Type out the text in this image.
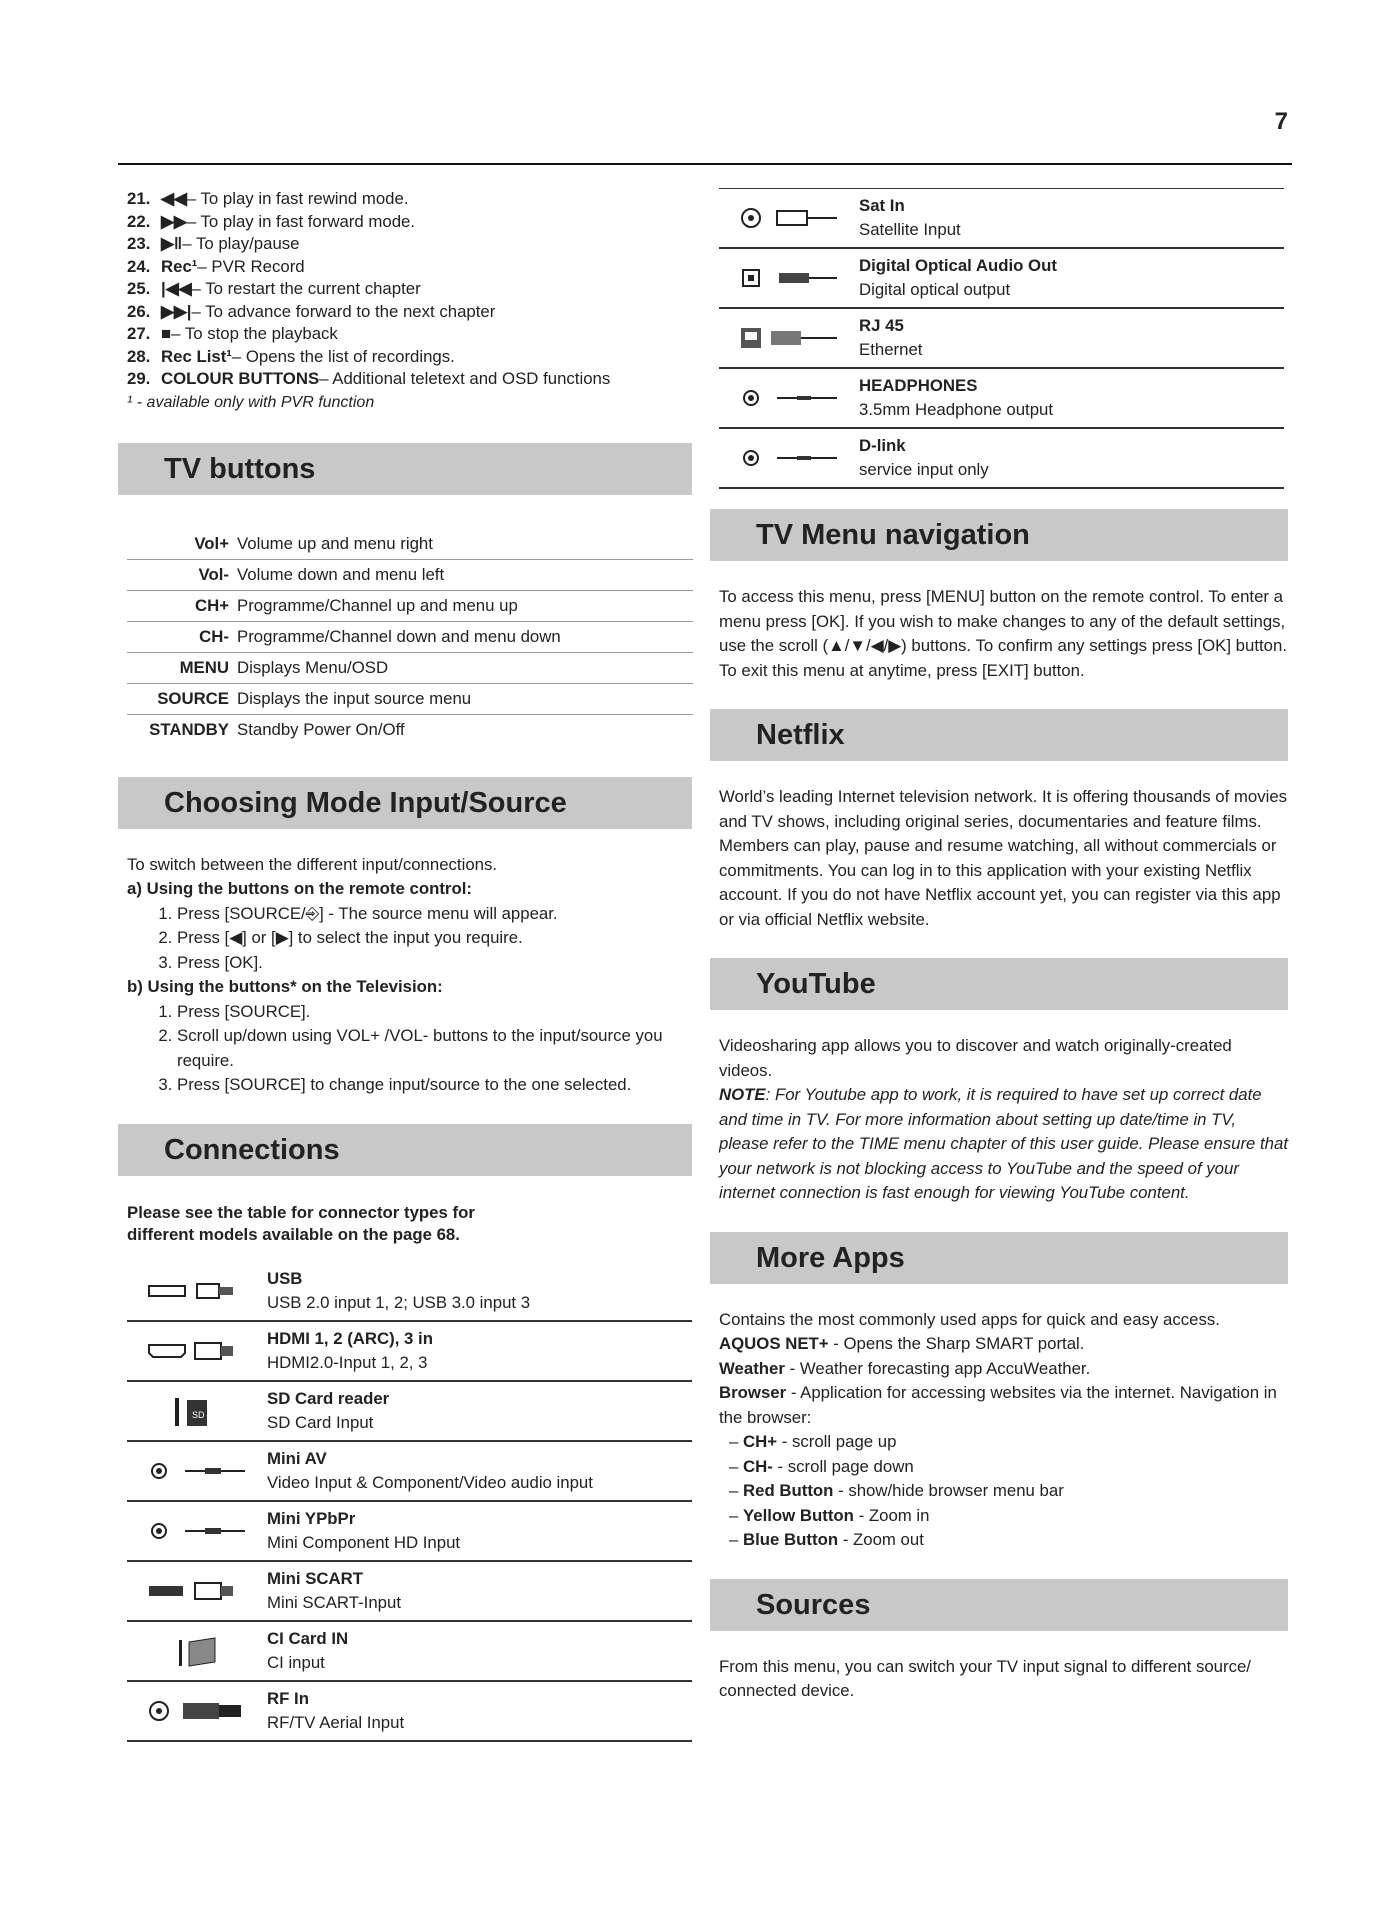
7
21. ◀◀– To play in fast rewind mode.
22. ▶▶– To play in fast forward mode.
23. ▶‖– To play/pause
24. Rec¹– PVR Record
25. |◀◀– To restart the current chapter
26. ▶▶|– To advance forward to the next chapter
27. ■– To stop the playback
28. Rec List¹– Opens the list of recordings.
29. COLOUR BUTTONS– Additional teletext and OSD functions
¹ - available only with PVR function
TV buttons
Vol+	Volume up and menu right
Vol-	Volume down and menu left
CH+	Programme/Channel up and menu up
CH-	Programme/Channel down and menu down
MENU	Displays Menu/OSD
SOURCE	Displays the input source menu
STANDBY	Standby Power On/Off
Choosing Mode Input/Source
To switch between the different input/connections.
a) Using the buttons on the remote control:
1. Press [SOURCE/⎆] - The source menu will appear.
2. Press [◀] or [▶] to select the input you require.
3. Press [OK].
b) Using the buttons* on the Television:
1. Press [SOURCE].
2. Scroll up/down using VOL+ /VOL- buttons to the input/source you require.
3. Press [SOURCE] to change input/source to the one selected.
Connections
Please see the table for connector types for different models available on the page 68.
USB
USB 2.0 input 1, 2; USB 3.0 input 3
HDMI 1, 2 (ARC), 3 in
HDMI2.0-Input 1, 2, 3
SD
SD Card reader
SD Card Input
Mini AV
Video Input & Component/Video audio input
Mini YPbPr
Mini Component HD Input
Mini SCART
Mini SCART-Input
CI Card IN
CI input
RF In
RF/TV Aerial Input
Sat In
Satellite Input
Digital Optical Audio Out
Digital optical output
RJ 45
Ethernet
HEADPHONES
3.5mm Headphone output
D-link
service input only
TV Menu navigation
To access this menu, press [MENU] button on the remote control. To enter a menu press [OK]. If you wish to make changes to any of the default settings, use the scroll (▲/▼/◀/▶) buttons. To confirm any settings press [OK] button. To exit this menu at anytime, press [EXIT] button.
Netflix
World’s leading Internet television network. It is offering thousands of movies and TV shows, including original series, documentaries and feature films. Members can play, pause and resume watching, all without commercials or commitments. You can log in to this application with your existing Netflix account. If you do not have Netflix account yet, you can register via this app or via official Netflix website.
YouTube
Videosharing app allows you to discover and watch originally-created videos.
NOTE: For Youtube app to work, it is required to have set up correct date and time in TV. For more information about setting up date/time in TV, please refer to the TIME menu chapter of this user guide. Please ensure that your network is not blocking access to YouTube and the speed of your internet connection is fast enough for viewing YouTube content.
More Apps
Contains the most commonly used apps for quick and easy access.
AQUOS NET+ - Opens the Sharp SMART portal.
Weather - Weather forecasting app AccuWeather.
Browser - Application for accessing websites via the internet. Navigation in the browser:
– CH+ - scroll page up
– CH- - scroll page down
– Red Button - show/hide browser menu bar
– Yellow Button - Zoom in
– Blue Button - Zoom out
Sources
From this menu, you can switch your TV input signal to different source/ connected device.
